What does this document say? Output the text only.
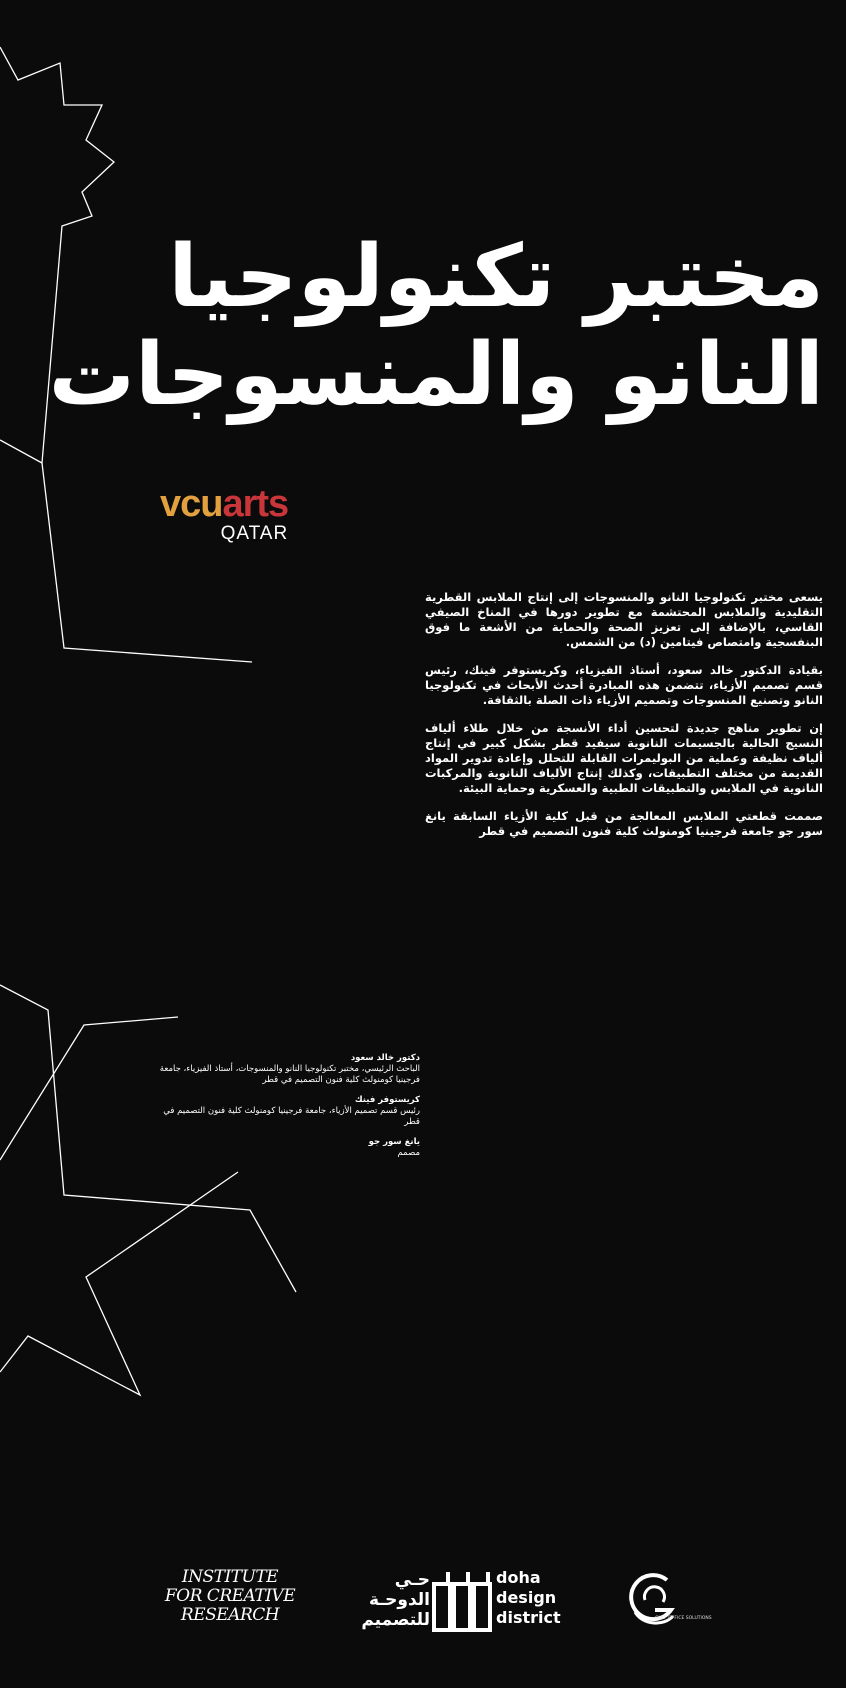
مختبر تكنولوجيا
النانو والمنسوجات
vcuarts
QATAR

يسعى مختبر تكنولوجيا النانو والمنسوجات إلى إنتاج الملابس القطرية التقليدية والملابس المحتشمة مع تطوير دورها في المناخ الصيفي القاسي، بالإضافة إلى تعزيز الصحة والحماية من الأشعة ما فوق البنفسجية وامتصاص فيتامين (د) من الشمس.

بقيادة الدكتور خالد سعود، أستاذ الفيزياء، وكريستوفر فينك، رئيس قسم تصميم الأزياء، تتضمن هذه المبادرة أحدث الأبحاث في تكنولوجيا النانو وتصنيع المنسوجات وتصميم الأزياء ذات الصلة بالثقافة.

إن تطوير مناهج جديدة لتحسين أداء الأنسجة من خلال طلاء ألياف النسيج الحالية بالجسيمات النانوية سيفيد قطر بشكل كبير في إنتاج ألياف نظيفة وعملية من البوليمرات القابلة للتحلل وإعادة تدوير المواد القديمة من مختلف التطبيقات، وكذلك إنتاج الألياف النانوية والمركبات النانوية في الملابس والتطبيقات الطبية والعسكرية وحماية البيئة.

صممت قطعتي الملابس المعالجة من قبل كلية الأزياء السابقة يانغ سور جو جامعة فرجينيا كومنولث كلية فنون التصميم في قطر

دكتور خالد سعود
الباحث الرئيسي، مختبر تكنولوجيا النانو والمنسوجات، أستاذ الفيزياء، جامعة فرجينيا كومنولث كلية فنون التصميم في قطر
كريستوفر فينك
رئيس قسم تصميم الأزياء، جامعة فرجينيا كومنولث كلية فنون التصميم في قطر
يانغ سور جو
مصمم
INSTITUTE
FOR CREATIVE
RESEARCH
حـي
الدوحـة
للتصميم
doha
design
district	GULF OFFICE SOLUTIONS
